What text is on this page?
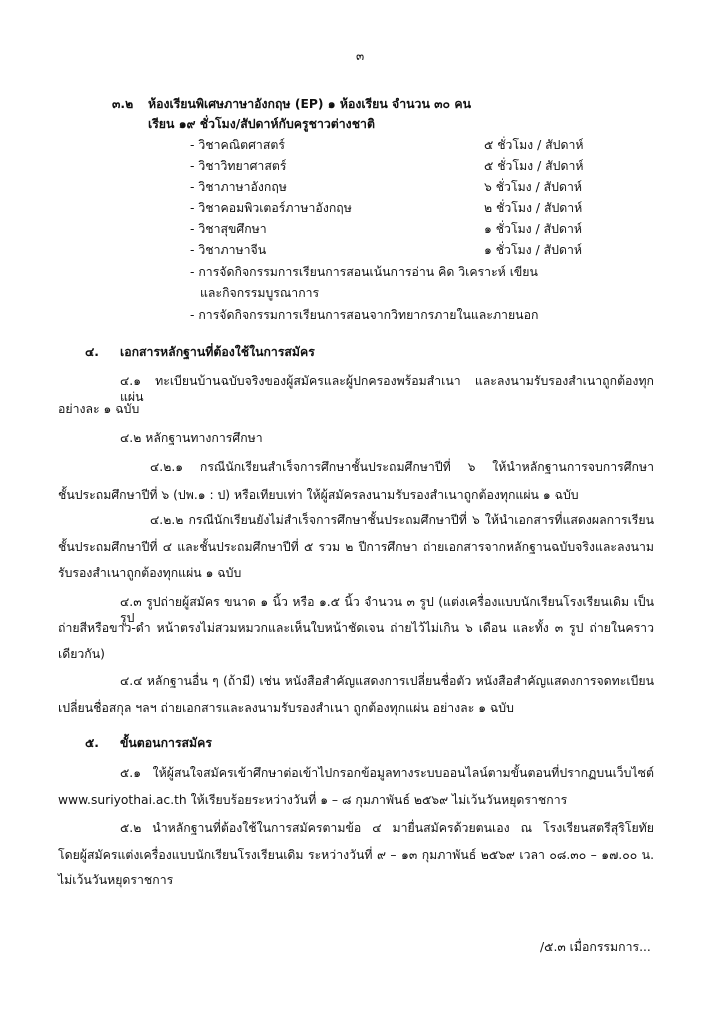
๓
๓.๒ ห้องเรียนพิเศษภาษาอังกฤษ (EP) ๑ ห้องเรียน จำนวน ๓๐ คน
เรียน ๑๙ ชั่วโมง/สัปดาห์กับครูชาวต่างชาติ
- วิชาคณิตศาสตร์	๕ ชั่วโมง / สัปดาห์
- วิชาวิทยาศาสตร์	๕ ชั่วโมง / สัปดาห์
- วิชาภาษาอังกฤษ	๖ ชั่วโมง / สัปดาห์
- วิชาคอมพิวเตอร์ภาษาอังกฤษ	๒ ชั่วโมง / สัปดาห์
- วิชาสุขศึกษา	๑ ชั่วโมง / สัปดาห์
- วิชาภาษาจีน	๑ ชั่วโมง / สัปดาห์
- การจัดกิจกรรมการเรียนการสอนเน้นการอ่าน คิด วิเคราะห์ เขียน
และกิจกรรมบูรณาการ
- การจัดกิจกรรมการเรียนการสอนจากวิทยากรภายในและภายนอก
๔. เอกสารหลักฐานที่ต้องใช้ในการสมัคร
๔.๑ ทะเบียนบ้านฉบับจริงของผู้สมัครและผู้ปกครองพร้อมสำเนา และลงนามรับรองสำเนาถูกต้องทุกแผ่น
อย่างละ ๑ ฉบับ
๔.๒ หลักฐานทางการศึกษา
๔.๒.๑ กรณีนักเรียนสำเร็จการศึกษาชั้นประถมศึกษาปีที่ ๖ ให้นำหลักฐานการจบการศึกษา
ชั้นประถมศึกษาปีที่ ๖ (ปพ.๑ : ป) หรือเทียบเท่า ให้ผู้สมัครลงนามรับรองสำเนาถูกต้องทุกแผ่น ๑ ฉบับ
๔.๒.๒ กรณีนักเรียนยังไม่สำเร็จการศึกษาชั้นประถมศึกษาปีที่ ๖ ให้นำเอกสารที่แสดงผลการเรียน
ชั้นประถมศึกษาปีที่ ๔ และชั้นประถมศึกษาปีที่ ๕ รวม ๒ ปีการศึกษา ถ่ายเอกสารจากหลักฐานฉบับจริงและลงนาม
รับรองสำเนาถูกต้องทุกแผ่น ๑ ฉบับ
๔.๓ รูปถ่ายผู้สมัคร ขนาด ๑ นิ้ว หรือ ๑.๕ นิ้ว จำนวน ๓ รูป (แต่งเครื่องแบบนักเรียนโรงเรียนเดิม เป็นรูป
ถ่ายสีหรือขาว-ดำ หน้าตรงไม่สวมหมวกและเห็นใบหน้าชัดเจน ถ่ายไว้ไม่เกิน ๖ เดือน และทั้ง ๓ รูป ถ่ายในคราว
เดียวกัน)
๔.๔ หลักฐานอื่น ๆ (ถ้ามี) เช่น หนังสือสำคัญแสดงการเปลี่ยนชื่อตัว หนังสือสำคัญแสดงการจดทะเบียน
เปลี่ยนชื่อสกุล ฯลฯ ถ่ายเอกสารและลงนามรับรองสำเนา ถูกต้องทุกแผ่น อย่างละ ๑ ฉบับ
๕. ขั้นตอนการสมัคร
๕.๑ ให้ผู้สนใจสมัครเข้าศึกษาต่อเข้าไปกรอกข้อมูลทางระบบออนไลน์ตามขั้นตอนที่ปรากฏบนเว็บไซต์
www.suriyothai.ac.th ให้เรียบร้อยระหว่างวันที่ ๑ – ๘ กุมภาพันธ์ ๒๕๖๙ ไม่เว้นวันหยุดราชการ
๕.๒ นำหลักฐานที่ต้องใช้ในการสมัครตามข้อ ๔ มายื่นสมัครด้วยตนเอง ณ โรงเรียนสตรีสุริโยทัย
โดยผู้สมัครแต่งเครื่องแบบนักเรียนโรงเรียนเดิม ระหว่างวันที่ ๙ – ๑๓ กุมภาพันธ์ ๒๕๖๙ เวลา ๐๘.๓๐ – ๑๗.๐๐ น.
ไม่เว้นวันหยุดราชการ
/๕.๓ เมื่อกรรมการ...
